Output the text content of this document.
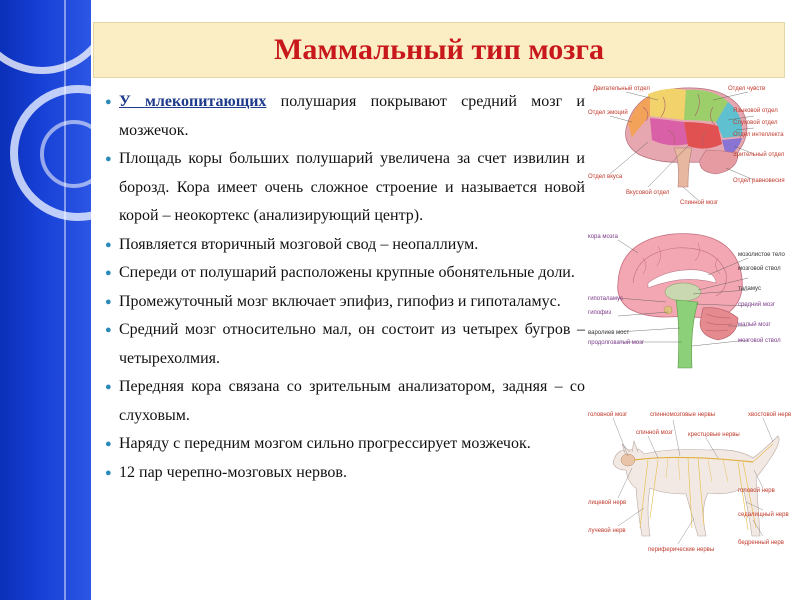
Маммальный тип мозга

● У млекопитающих полушария покрывают средний мозг и мозжечок.

● Площадь коры больших полушарий увеличена за счет извилин и борозд. Кора имеет очень сложное строение и называется новой корой – неокортекс (анализирующий центр).

● Появляется вторичный мозговой свод – неопаллиум.

● Спереди от полушарий расположены крупные обонятельные доли.

● Промежуточный мозг включает эпифиз, гипофиз и гипоталамус.

● Средний мозг относительно мал, он состоит из четырех бугров – четырехолмия.

● Передняя кора связана со зрительным анализатором, задняя – со слуховым.

● Наряду с передним мозгом сильно прогрессирует мозжечок.

● 12 пар черепно-мозговых нервов.

Двигательный отдел	Отдел чувств
Отдел эмоций	Языковой отдел
Слуховой отдел
Отдел интеллекта
Отдел вкуса
Зрительный отдел
Отдел равновесия
Вкусовой отдел
Спинной мозг
кора мозга
мозолистое тело
мозговой ствол
таламус
гипоталамус
гипофиз
средний мозг
варолиев мост
продолговатый мозг
малый мозг
мозговой ствол
головной мозг	спинномозговые нервы
крестцовые нервы
хвостовой нерв
спинной мозг
лицевой нерв
лучевой нерв
периферические нервы
бедренный нерв
седалищный нерв
головой нерв
